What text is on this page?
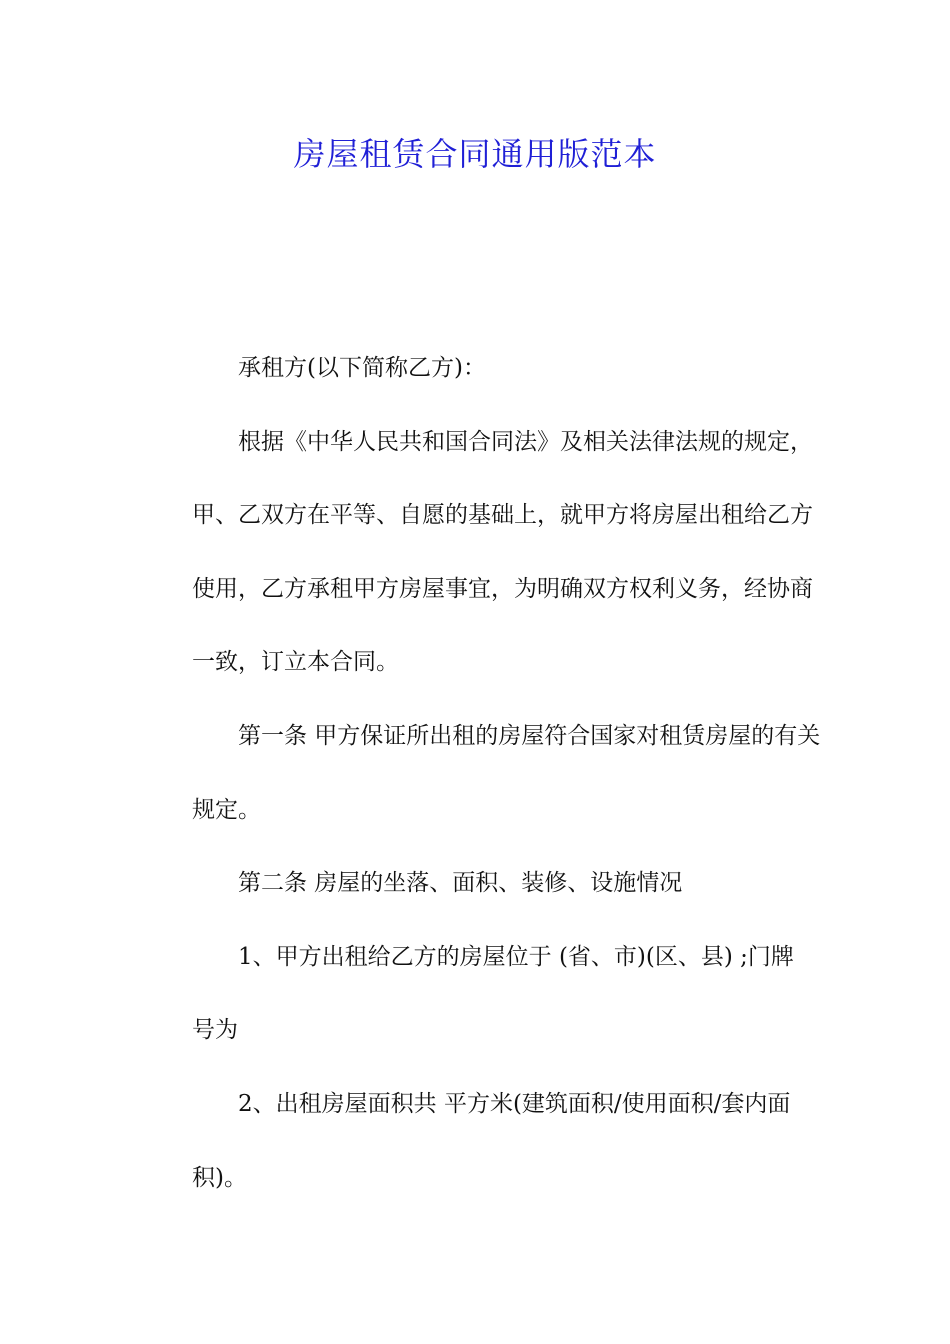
房屋租赁合同通用版范本
承租方(以下简称乙方)：
根据《中华人民共和国合同法》及相关法律法规的规定，
甲、乙双方在平等、自愿的基础上，就甲方将房屋出租给乙方
使用，乙方承租甲方房屋事宜，为明确双方权利义务，经协商
一致，订立本合同。
第一条 甲方保证所出租的房屋符合国家对租赁房屋的有关
规定。
第二条 房屋的坐落、面积、装修、设施情况
1、甲方出租给乙方的房屋位于 (省、市)(区、县) ;门牌
号为
2、出租房屋面积共 平方米(建筑面积/使用面积/套内面
积)。
